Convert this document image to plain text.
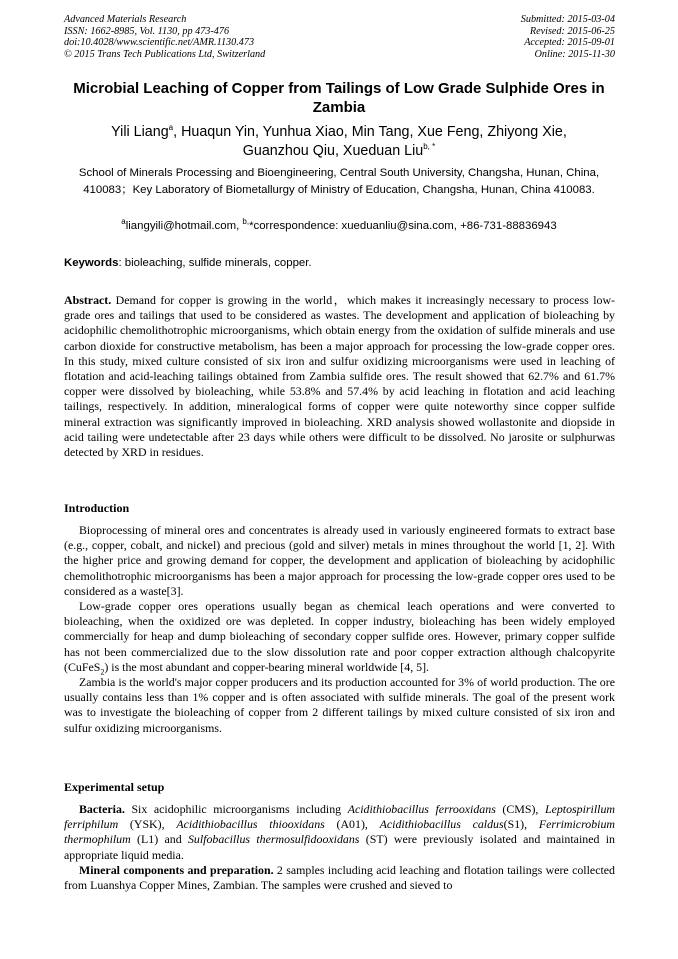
Advanced Materials Research
ISSN: 1662-8985, Vol. 1130, pp 473-476
doi:10.4028/www.scientific.net/AMR.1130.473
© 2015 Trans Tech Publications Ltd, Switzerland
Submitted: 2015-03-04
Revised: 2015-06-25
Accepted: 2015-09-01
Online: 2015-11-30
Microbial Leaching of Copper from Tailings of Low Grade Sulphide Ores in Zambia
Yili Liang$^a$, Huaqun Yin, Yunhua Xiao, Min Tang, Xue Feng, Zhiyong Xie,
Guanzhou Qiu, Xueduan Liu$^{b, *}$
School of Minerals Processing and Bioengineering, Central South University, Changsha, Hunan, China, 410083；Key Laboratory of Biometallurgy of Ministry of Education, Changsha, Hunan, China 410083.
$^a$liangyili@hotmail.com, $^{b,}$*correspondence: xueduanliu@sina.com, +86-731-88836943
Keywords: bioleaching, sulfide minerals, copper.
Abstract. Demand for copper is growing in the world，which makes it increasingly necessary to process low-grade ores and tailings that used to be considered as wastes. The development and application of bioleaching by acidophilic chemolithotrophic microorganisms, which obtain energy from the oxidation of sulfide minerals and use carbon dioxide for constructive metabolism, has been a major approach for processing the low-grade copper ores. In this study, mixed culture consisted of six iron and sulfur oxidizing microorganisms were used in leaching of flotation and acid-leaching tailings obtained from Zambia sulfide ores. The result showed that 62.7% and 61.7% copper were dissolved by bioleaching, while 53.8% and 57.4% by acid leaching in flotation and acid leaching tailings, respectively. In addition, mineralogical forms of copper were quite noteworthy since copper sulfide mineral extraction was significantly improved in bioleaching. XRD analysis showed wollastonite and diopside in acid tailing were undetectable after 23 days while others were difficult to be dissolved. No jarosite or sulphurwas detected by XRD in residues.
Introduction

Bioprocessing of mineral ores and concentrates is already used in variously engineered formats to extract base (e.g., copper, cobalt, and nickel) and precious (gold and silver) metals in mines throughout the world [1, 2]. With the higher price and growing demand for copper, the development and application of bioleaching by acidophilic chemolithotrophic microorganisms has been a major approach for processing the low-grade copper ores used to be considered as a waste[3].

Low-grade copper ores operations usually began as chemical leach operations and were converted to bioleaching, when the oxidized ore was depleted. In copper industry, bioleaching has been widely employed commercially for heap and dump bioleaching of secondary copper sulfide ores. However, primary copper sulfide has not been commercialized due to the slow dissolution rate and poor copper extraction although chalcopyrite (CuFeS$_2$) is the most abundant and copper-bearing mineral worldwide [4, 5].

Zambia is the world's major copper producers and its production accounted for 3% of world production. The ore usually contains less than 1% copper and is often associated with sulfide minerals. The goal of the present work was to investigate the bioleaching of copper from 2 different tailings by mixed culture consisted of six iron and sulfur oxidizing microorganisms.

Experimental setup

Bacteria. Six acidophilic microorganisms including Acidithiobacillus ferrooxidans (CMS), Leptospirillum ferriphilum (YSK), Acidithiobacillus thiooxidans (A01), Acidithiobacillus caldus(S1), Ferrimicrobium thermophilum (L1) and Sulfobacillus thermosulfidooxidans (ST) were previously isolated and maintained in appropriate liquid media.

Mineral components and preparation. 2 samples including acid leaching and flotation tailings were collected from Luanshya Copper Mines, Zambian. The samples were crushed and sieved to
